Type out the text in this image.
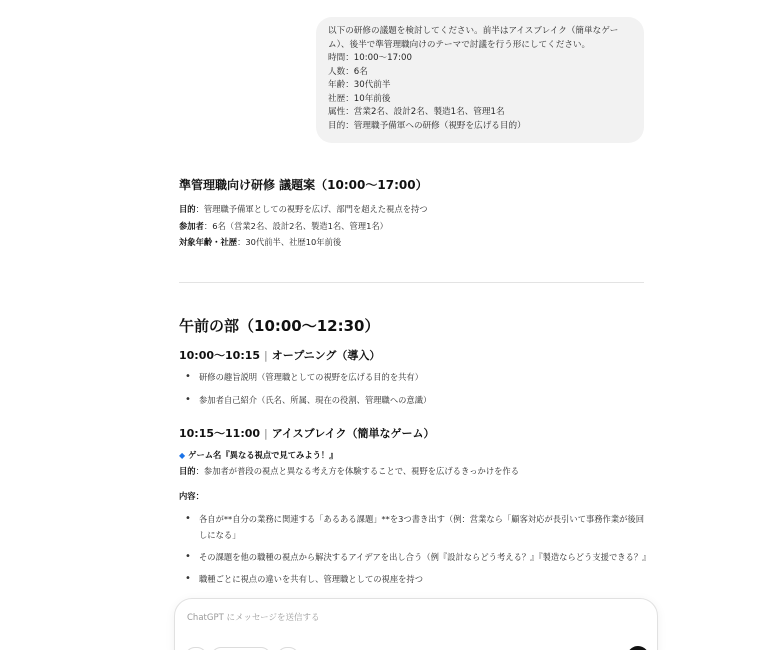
以下の研修の議題を検討してください。前半はアイスブレイク（簡単なゲー
ム）、後半で準管理職向けのテーマで討議を行う形にしてください。
時間：10:00～17:00
人数：6名
年齢：30代前半
社歴：10年前後
属性：営業2名、設計2名、製造1名、管理1名
目的：管理職予備軍への研修（視野を広げる目的）
準管理職向け研修 議題案（10:00～17:00）
目的：管理職予備軍としての視野を広げ、部門を超えた視点を持つ
参加者：6名（営業2名、設計2名、製造1名、管理1名）
対象年齢・社歴：30代前半、社歴10年前後
午前の部（10:00～12:30）
10:00～10:15 | オープニング（導入）
• 研修の趣旨説明（管理職としての視野を広げる目的を共有）
• 参加者自己紹介（氏名、所属、現在の役割、管理職への意識）
10:15～11:00 | アイスブレイク（簡単なゲーム）
◆ ゲーム名『異なる視点で見てみよう！』
目的：参加者が普段の視点と異なる考え方を体験することで、視野を広げるきっかけを作る
内容：
• 各自が**自分の業務に関連する「あるある課題」**を3つ書き出す（例：営業なら「顧客対応が長引いて事務作業が後回しになる」
• その課題を他の職種の視点から解決するアイデアを出し合う（例『設計ならどう考える？』『製造ならどう支援できる？』
• 職種ごとに視点の違いを共有し、管理職としての視座を持つ
ChatGPT にメッセージを送信する
